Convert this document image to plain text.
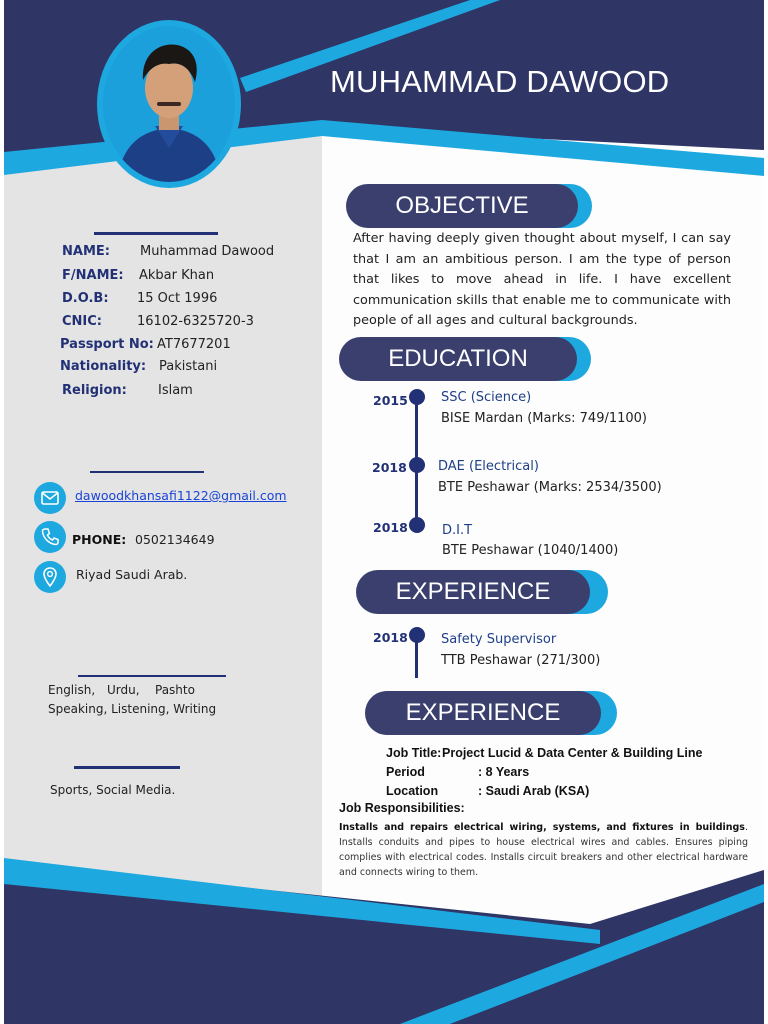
MUHAMMAD DAWOOD
NAME: Muhammad Dawood
F/NAME: Akbar Khan
D.O.B: 15 Oct 1996
CNIC:	16102-6325720-3
Passport No: AT7677201
Nationality: Pakistani
Religion: Islam
dawoodkhansafi1122@gmail.com
PHONE: 0502134649
Riyad Saudi Arab.
English, Urdu, Pashto
Speaking, Listening, Writing
Sports, Social Media.
OBJECTIVE
After having deeply given thought about myself, I can say that I am an ambitious person. I am the type of person that likes to move ahead in life. I have excellent communication skills that enable me to communicate with people of all ages and cultural backgrounds.
EDUCATION
2015	SSC (Science)
BISE Mardan (Marks: 749/1100)
2018 DAE (Electrical)
BTE Peshawar (Marks: 2534/3500)
2018	D.I.T
BTE Peshawar (1040/1400)
EXPERIENCE
2018	Safety Supervisor
TTB Peshawar (271/300)
EXPERIENCE
Job Title: Project Lucid & Data Center & Building Line
Period	: 8 Years
Location	: Saudi Arab (KSA)
Job Responsibilities:
Installs and repairs electrical wiring, systems, and fixtures in buildings. Installs conduits and pipes to house electrical wires and cables. Ensures piping complies with electrical codes. Installs circuit breakers and other electrical hardware and connects wiring to them.
